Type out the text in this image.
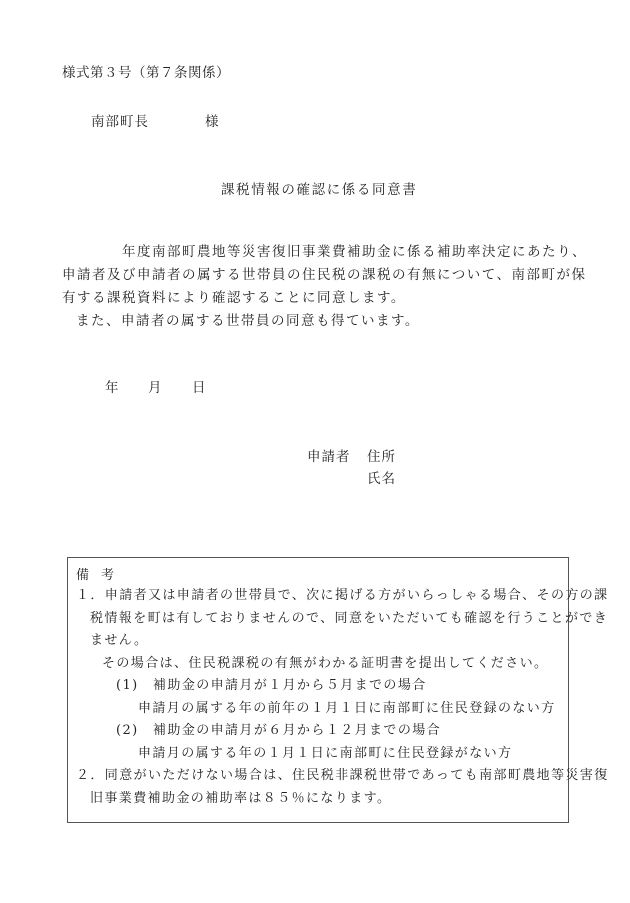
様式第３号（第７条関係）
南部町長	様
課税情報の確認に係る同意書
年度南部町農地等災害復旧事業費補助金に係る補助率決定にあたり、
申請者及び申請者の属する世帯員の住民税の課税の有無について、南部町が保
有する課税資料により確認することに同意します。
また、申請者の属する世帯員の同意も得ています。
年 月 日
申請者 住所
氏名
備考
１．申請者又は申請者の世帯員で、次に掲げる方がいらっしゃる場合、その方の課
税情報を町は有しておりませんので、同意をいただいても確認を行うことができ
ません。
その場合は、住民税課税の有無がわかる証明書を提出してください。
(1)　補助金の申請月が１月から５月までの場合
申請月の属する年の前年の１月１日に南部町に住民登録のない方
(2)　補助金の申請月が６月から１２月までの場合
申請月の属する年の１月１日に南部町に住民登録がない方
２．同意がいただけない場合は、住民税非課税世帯であっても南部町農地等災害復
旧事業費補助金の補助率は８５％になります。
